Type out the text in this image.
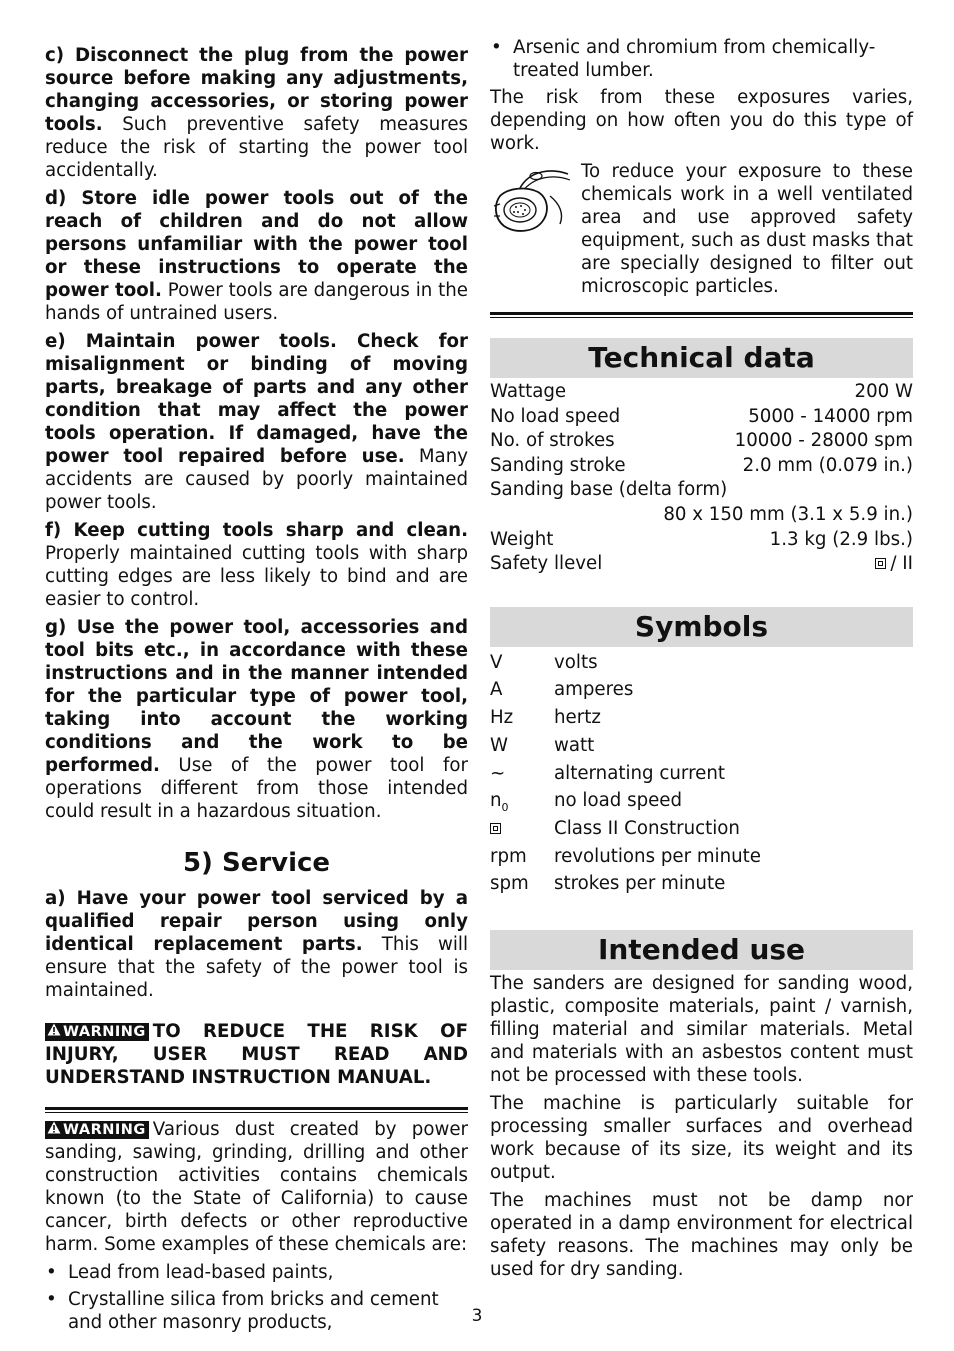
c) Disconnect the plug from the power source before making any adjustments, changing accessories, or storing power tools. Such preventive safety measures reduce the risk of starting the power tool accidentally.

d) Store idle power tools out of the reach of children and do not allow persons unfamiliar with the power tool or these instructions to operate the power tool. Power tools are dangerous in the hands of untrained users.

e) Maintain power tools. Check for misalignment or binding of moving parts, breakage of parts and any other condition that may affect the power tools operation. If damaged, have the power tool repaired before use. Many accidents are caused by poorly maintained power tools.

f) Keep cutting tools sharp and clean. Properly maintained cutting tools with sharp cutting edges are less likely to bind and are easier to control.

g) Use the power tool, accessories and tool bits etc., in accordance with these instructions and in the manner intended for the particular type of power tool, taking into account the working conditions and the work to be performed. Use of the power tool for operations different from those intended could result in a hazardous situation.

5) Service

a) Have your power tool serviced by a qualified repair person using only identical replacement parts. This will ensure that the safety of the power tool is maintained.

WARNING TO REDUCE THE RISK OF INJURY, USER MUST READ AND UNDERSTAND INSTRUCTION MANUAL.

WARNING Various dust created by power sanding, sawing, grinding, drilling and other construction activities contains chemicals known (to the State of California) to cause cancer, birth defects or other reproductive harm. Some examples of these chemicals are:

• Lead from lead-based paints,
• Crystalline silica from bricks and cement and other masonry products,
• Arsenic and chromium from chemically-treated lumber.

The risk from these exposures varies, depending on how often you do this type of work.

To reduce your exposure to these chemicals work in a well ventilated area and use approved safety equipment, such as dust masks that are specially designed to filter out microscopic particles.
Technical data
Wattage	200 W
No load speed	5000 - 14000 rpm
No. of strokes	10000 - 28000 spm
Sanding stroke	2.0 mm (0.079 in.)
Sanding base (delta form)	
80 x 150 mm (3.1 x 5.9 in.)	
Weight	1.3 kg (2.9 lbs.)
Safety llevel	/ II
Symbols
V	volts
A	amperes
Hz	hertz
W	watt
~	alternating current
$n_0$	no load speed
	Class II Construction
rpm	revolutions per minute
spm	strokes per minute
Intended use

The sanders are designed for sanding wood, plastic, composite materials, paint / varnish, filling material and similar materials. Metal and materials with an asbestos content must not be processed with these tools.

The machine is particularly suitable for processing smaller surfaces and overhead work because of its size, its weight and its output.

The machines must not be damp nor operated in a damp environment for electrical safety reasons. The machines may only be used for dry sanding.

3
